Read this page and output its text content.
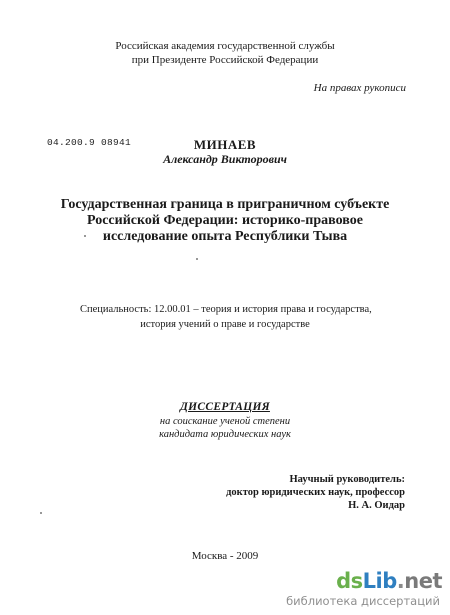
Российская академия государственной службы
при Президенте Российской Федерации
На правах рукописи
04.200.9 08941	МИНАЕВ
Александр Викторович
Государственная граница в приграничном субъекте
Российской Федерации: историко-правовое
исследование опыта Республики Тыва
Специальность: 12.00.01 – теория и история права и государства,
история учений о праве и государстве
ДИССЕРТАЦИЯ
на соискание ученой степени
кандидата юридических наук
Научный руководитель:
доктор юридических наук, профессор
Н. А. Оидар
Москва - 2009
dsLib.net
библиотека диссертаций
